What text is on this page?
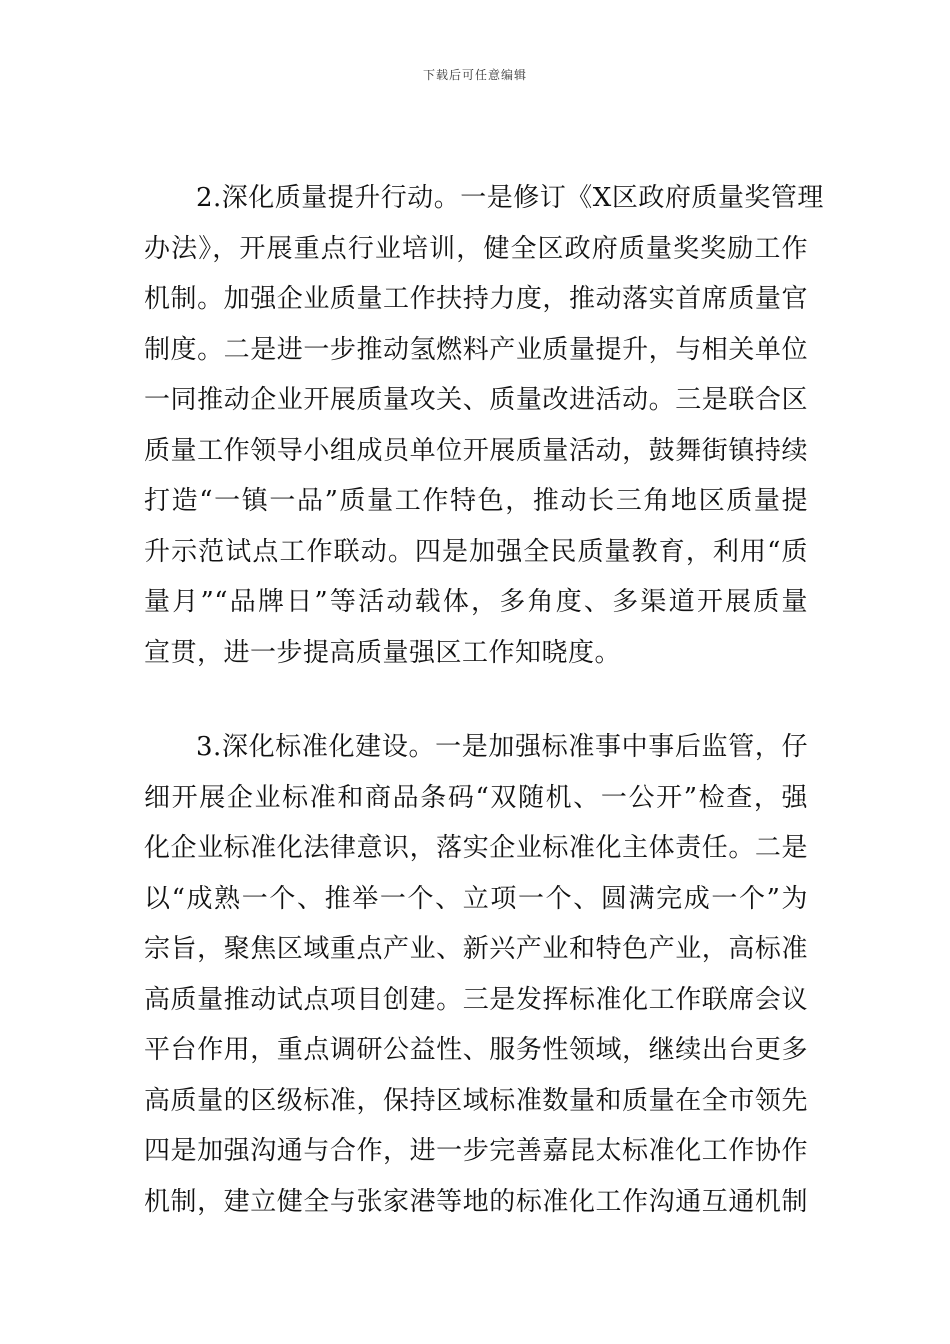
下载后可任意编辑
2.深化质量提升行动。一是修订《X区政府质量奖管理
办法》，开展重点行业培训，健全区政府质量奖奖励工作
机制。加强企业质量工作扶持力度，推动落实首席质量官
制度。二是进一步推动氢燃料产业质量提升，与相关单位
一同推动企业开展质量攻关、质量改进活动。三是联合区
质量工作领导小组成员单位开展质量活动，鼓舞街镇持续
打造“一镇一品”质量工作特色，推动长三角地区质量提
升示范试点工作联动。四是加强全民质量教育，利用“质
量月”“品牌日”等活动载体，多角度、多渠道开展质量
宣贯，进一步提高质量强区工作知晓度。
3.深化标准化建设。一是加强标准事中事后监管，仔
细开展企业标准和商品条码“双随机、一公开”检查，强
化企业标准化法律意识，落实企业标准化主体责任。二是
以“成熟一个、推举一个、立项一个、圆满完成一个”为
宗旨，聚焦区域重点产业、新兴产业和特色产业，高标准
高质量推动试点项目创建。三是发挥标准化工作联席会议
平台作用，重点调研公益性、服务性领域，继续出台更多
高质量的区级标准，保持区域标准数量和质量在全市领先
四是加强沟通与合作，进一步完善嘉昆太标准化工作协作
机制，建立健全与张家港等地的标准化工作沟通互通机制
